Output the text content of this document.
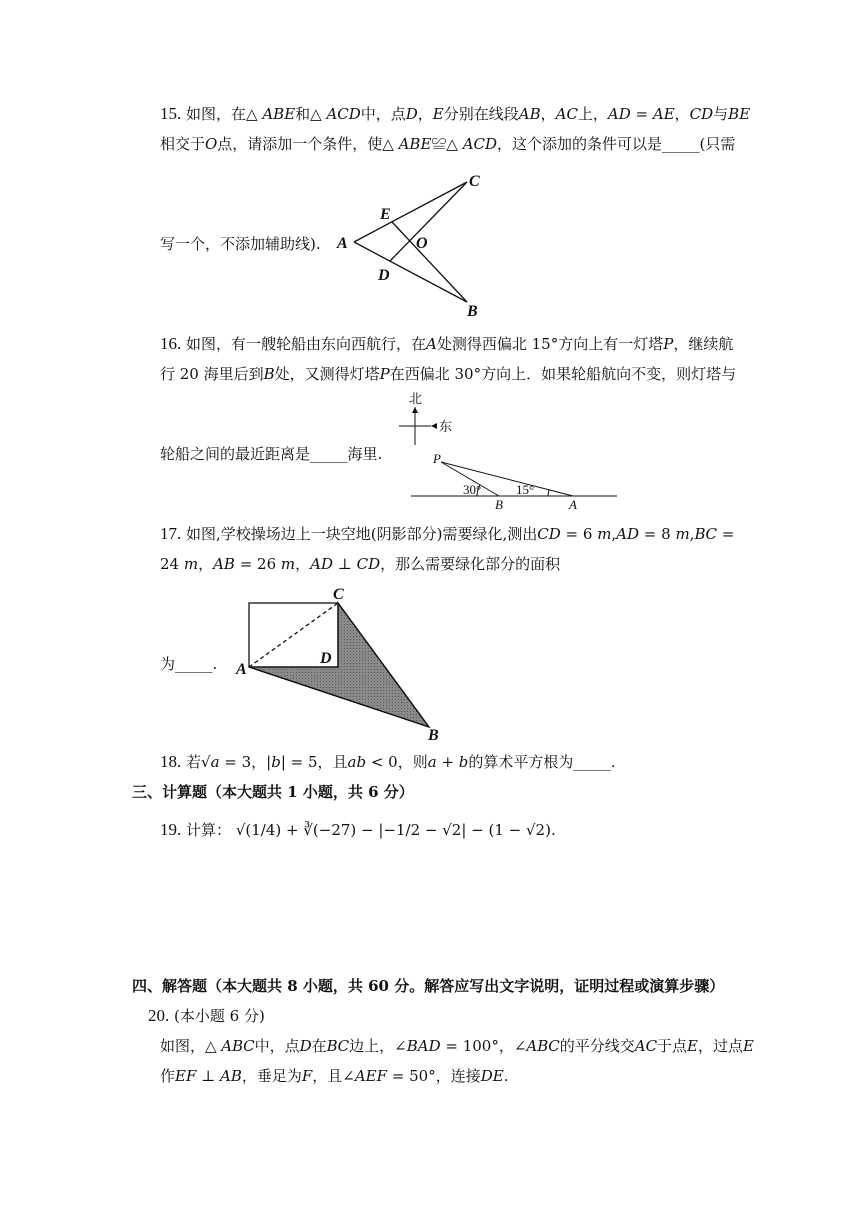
15. 如图，在△ 𝐴𝐵𝐸和△ 𝐴𝐶𝐷中，点𝐷，𝐸分别在线段𝐴𝐵，𝐴𝐶上，𝐴𝐷 = 𝐴𝐸，𝐶𝐷与𝐵𝐸
相交于𝑂点，请添加一个条件，使△ 𝐴𝐵𝐸≌△ 𝐴𝐶𝐷，这个添加的条件可以是_____(只需
写一个，不添加辅助线). A
B
C
D
E
O
16. 如图，有一艘轮船由东向西航行，在𝐴处测得西偏北 15°方向上有一灯塔𝑃，继续航
行 20 海里后到𝐵处，又测得灯塔𝑃在西偏北 30°方向上．如果轮船航向不变，则灯塔与
轮船之间的最近距离是_____海里.
北
东
P
B	A
30°	15°
17. 如图,学校操场边上一块空地(阴影部分)需要绿化,测出𝐶𝐷 = 6 𝑚,𝐴𝐷 = 8 𝑚,𝐵𝐶 =
24 𝑚，𝐴𝐵 = 26 𝑚，𝐴𝐷 ⊥ 𝐶𝐷，那么需要绿化部分的面积
为_____. A
B
C
D
18. 若√𝑎 = 3，|𝑏| = 5，且𝑎𝑏 < 0，则𝑎 + 𝑏的算术平方根为_____.
三、计算题（本大题共 1 小题，共 6 分）
19. 计算： √(1/4) + ∛(−27) − |−1/2 − √2| − (1 − √2).
四、解答题（本大题共 8 小题，共 60 分。解答应写出文字说明，证明过程或演算步骤）
20. (本小题 6 分)
如图，△ 𝐴𝐵𝐶中，点𝐷在𝐵𝐶边上，∠𝐵𝐴𝐷 = 100°，∠𝐴𝐵𝐶的平分线交𝐴𝐶于点𝐸，过点𝐸
作𝐸𝐹 ⊥ 𝐴𝐵，垂足为𝐹，且∠𝐴𝐸𝐹 = 50°，连接𝐷𝐸.
